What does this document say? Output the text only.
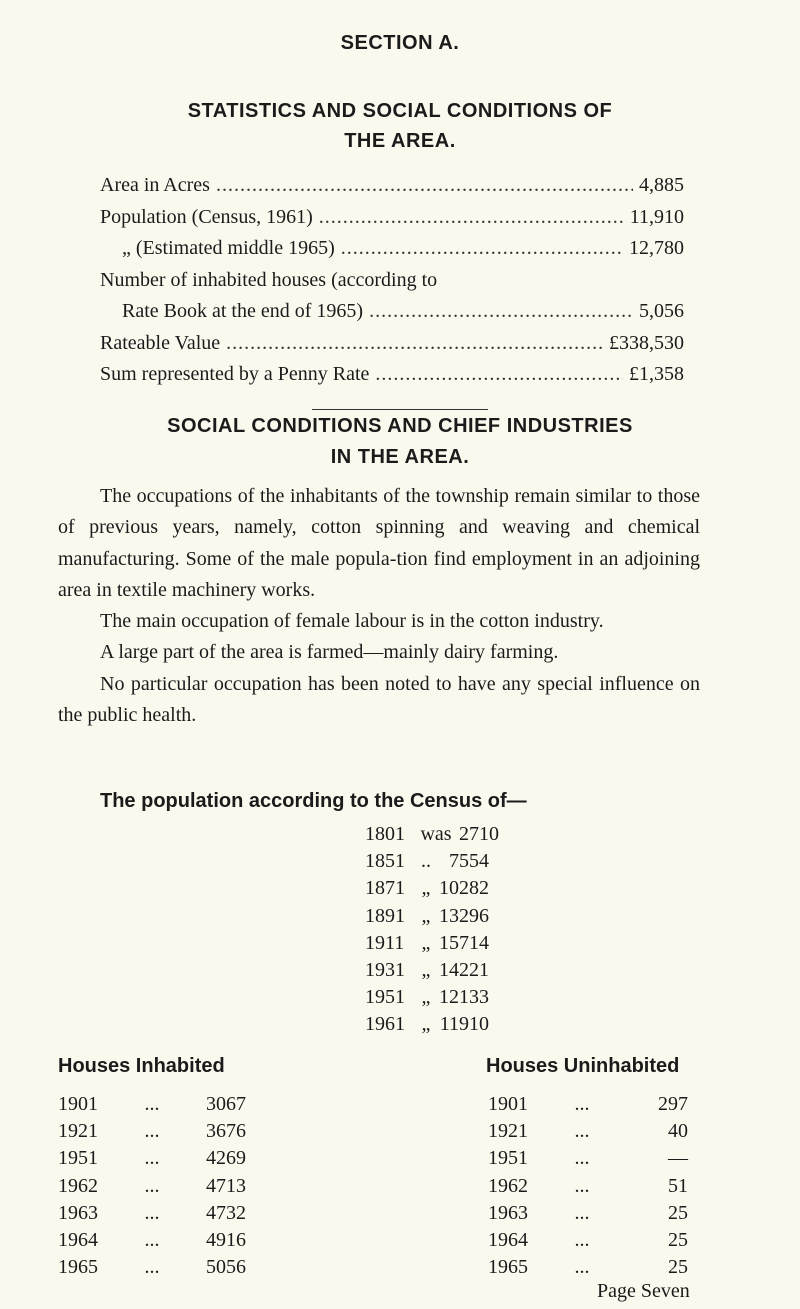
SECTION A.
STATISTICS AND SOCIAL CONDITIONS OF
THE AREA.
Area in Acres .....	4,885
Population (Census, 1961) .....	11,910
„ (Estimated middle 1965) .....	12,780
Number of inhabited houses (according to
Rate Book at the end of 1965) .....	5,056
Rateable Value .....	£338,530
Sum represented by a Penny Rate .....	£1,358
SOCIAL CONDITIONS AND CHIEF INDUSTRIES
IN THE AREA.

The occupations of the inhabitants of the township remain similar to those of previous years, namely, cotton spinning and weaving and chemical manufacturing. Some of the male popula-tion find employment in an adjoining area in textile machinery works.

The main occupation of female labour is in the cotton industry.

A large part of the area is farmed—mainly dairy farming.

No particular occupation has been noted to have any special influence on the public health.

The population according to the Census of—
1801 was 2710
1851 .. 7554
1871 „ 10282
1891 „ 13296
1911 „ 15714
1931 „ 14221
1951 „ 12133
1961 „ 11910
Houses Inhabited
1901	...	3067
1921	...	3676
1951	...	4269
1962	...	4713
1963	...	4732
1964	...	4916
1965	...	5056
Houses Uninhabited
1901	...	297
1921	...	40
1951	...	—
1962	...	51
1963	...	25
1964	...	25
1965	...	25
Page Seven
